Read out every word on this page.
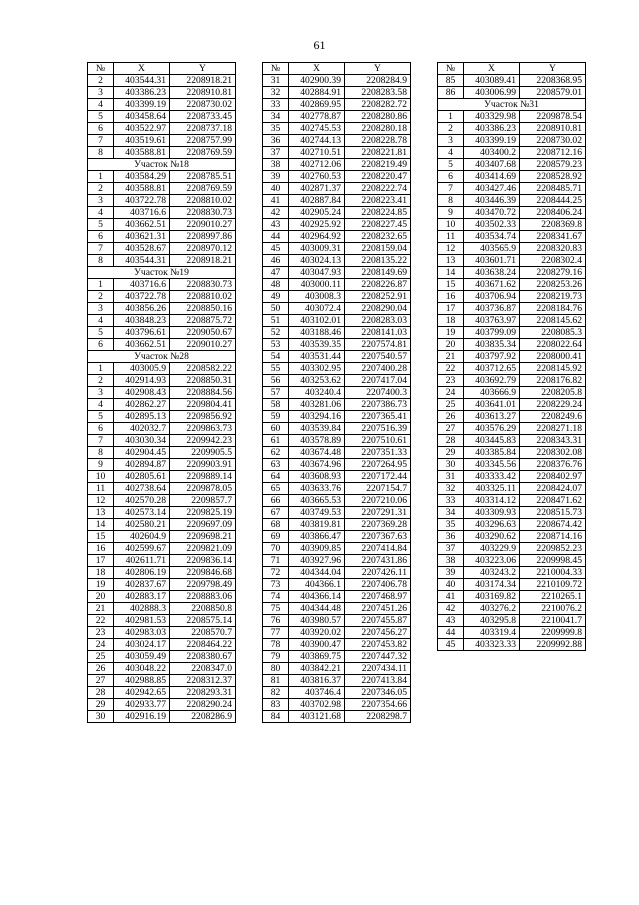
61
№	X	Y
2	403544.31	2208918.21
3	403386.23	2208910.81
4	403399.19	2208730.02
5	403458.64	2208733.45
6	403522.97	2208737.18
7	403519.61	2208757.99
8	403588.81	2208769.59
Участок №18		
1	403584.29	2208785.51
2	403588.81	2208769.59
3	403722.78	2208810.02
4	403716.6	2208830.73
5	403662.51	2209010.27
6	403621.31	2208997.86
7	403528.67	2208970.12
8	403544.31	2208918.21
Участок №19		
1	403716.6	2208830.73
2	403722.78	2208810.02
3	403856.26	2208850.16
4	403848.23	2208875.72
5	403796.61	2209050.67
6	403662.51	2209010.27
Участок №28		
1	403005.9	2208582.22
2	402914.93	2208850.31
3	402908.43	2208884.56
4	402862.27	2209804.41
5	402895.13	2209856.92
6	402032.7	2209863.73
7	403030.34	2209942.23
8	402904.45	2209905.5
9	402894.87	2209903.91
10	402805.61	2209889.14
11	402738.64	2209878.05
12	402570.28	2209857.7
13	402573.14	2209825.19
14	402580.21	2209697.09
15	402604.9	2209698.21
16	402599.67	2209821.09
17	402611.71	2209836.14
18	402806.19	2209846.68
19	402837.67	2209798.49
20	402883.17	2208883.06
21	402888.3	2208850.8
22	402981.53	2208575.14
23	402983.03	2208570.7
24	403024.17	2208464.22
25	403059.49	2208380.67
26	403048.22	2208347.0
27	402988.85	2208312.37
28	402942.65	2208293.31
29	402933.77	2208290.24
30	402916.19	2208286.9
№	X	Y
31	402900.39	2208284.9
32	402884.91	2208283.58
33	402869.95	2208282.72
34	402778.87	2208280.86
35	402745.53	2208280.18
36	402744.13	2208228.78
37	402710.51	2208221.81
38	402712.06	2208219.49
39	402760.53	2208220.47
40	402871.37	2208222.74
41	402887.84	2208223.41
42	402905.24	2208224.85
43	402925.92	2208227.45
44	402964.92	2208232.65
45	403009.31	2208159.04
46	403024.13	2208135.22
47	403047.93	2208149.69
48	403000.11	2208226.87
49	403008.3	2208252.91
50	403072.4	2208290.04
51	403102.01	2208283.03
52	403188.46	2208141.03
53	403539.35	2207574.81
54	403531.44	2207540.57
55	403302.95	2207400.28
56	403253.62	2207417.04
57	403240.4	2207400.3
58	403281.06	2207386.73
59	403294.16	2207365.41
60	403539.84	2207516.39
61	403578.89	2207510.61
62	403674.48	2207351.33
63	403674.96	2207264.95
64	403608.93	2207172.44
65	403633.76	2207154.7
66	403665.53	2207210.06
67	403749.53	2207291.31
68	403819.81	2207369.28
69	403866.47	2207367.63
70	403909.85	2207414.84
71	403927.96	2207431.86
72	404344.04	2207426.11
73	404366.1	2207406.78
74	404366.14	2207468.97
75	404344.48	2207451.26
76	403980.57	2207455.87
77	403920.02	2207456.27
78	403900.47	2207453.82
79	403869.75	2207447.32
80	403842.21	2207434.11
81	403816.37	2207413.84
82	403746.4	2207346.05
83	403702.98	2207354.66
84	403121.68	2208298.7
№	X	Y
85	403089.41	2208368.95
86	403006.99	2208579.01
Участок №31		
1	403329.98	2209878.54
2	403386.23	2208910.81
3	403399.19	2208730.02
4	403400.2	2208712.16
5	403407.68	2208579.23
6	403414.69	2208528.92
7	403427.46	2208485.71
8	403446.39	2208444.25
9	403470.72	2208406.24
10	403502.33	2208369.8
11	403534.74	2208341.67
12	403565.9	2208320.83
13	403601.71	2208302.4
14	403638.24	2208279.16
15	403671.62	2208253.26
16	403706.94	2208219.73
17	403736.87	2208184.76
18	403763.97	2208145.62
19	403799.09	2208085.3
20	403835.34	2208022.64
21	403797.92	2208000.41
22	403712.65	2208145.92
23	403692.79	2208176.82
24	403666.9	2208205.8
25	403641.01	2208229.24
26	403613.27	2208249.6
27	403576.29	2208271.18
28	403445.83	2208343.31
29	403385.84	2208302.08
30	403345.56	2208376.76
31	403333.42	2208402.97
32	403325.11	2208424.07
33	403314.12	2208471.62
34	403309.93	2208515.73
35	403296.63	2208674.42
36	403290.62	2208714.16
37	403229.9	2209852.23
38	403223.06	2209998.45
39	403243.2	2210004.33
40	403174.34	2210109.72
41	403169.82	2210265.1
42	403276.2	2210076.2
43	403295.8	2210041.7
44	403319.4	2209999.8
45	403323.33	2209992.88
